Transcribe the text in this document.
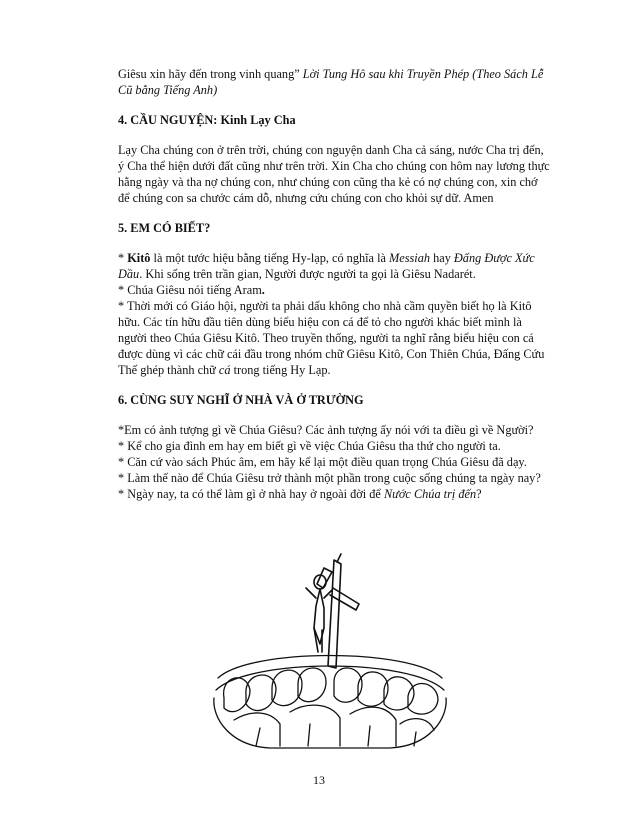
Giêsu xin hãy đến trong vinh quang” Lời Tung Hô sau khi Truyền Phép (Theo Sách Lễ Cũ bằng Tiếng Anh)

4. CẦU NGUYỆN: Kinh Lạy Cha

Lạy Cha chúng con ở trên trời, chúng con nguyện danh Cha cả sáng, nước Cha trị đến, ý Cha thể hiện dưới đất cũng như trên trời. Xin Cha cho chúng con hôm nay lương thực hằng ngày và tha nợ chúng con, như chúng con cũng tha kẻ có nợ chúng con, xin chớ để chúng con sa chước cám dỗ, nhưng cứu chúng con cho khỏi sự dữ. Amen

5. EM CÓ BIẾT?

* Kitô là một tước hiệu bằng tiếng Hy-lạp, có nghĩa là Messiah hay Đấng Được Xức Dầu. Khi sống trên trần gian, Người được người ta gọi là Giêsu Nadarét.

* Chúa Giêsu nói tiếng Aram.

* Thời mới có Giáo hội, người ta phải dấu không cho nhà cầm quyền biết họ là Kitô hữu. Các tín hữu đầu tiên dùng biểu hiệu con cá để tỏ cho người khác biết mình là người theo Chúa Giêsu Kitô. Theo truyền thống, người ta nghĩ rằng biểu hiệu con cá được dùng vì các chữ cái đầu trong nhóm chữ Giêsu Kitô, Con Thiên Chúa, Đấng Cứu Thế ghép thành chữ cá trong tiếng Hy Lạp.

6. CÙNG SUY NGHĨ Ở NHÀ VÀ Ở TRƯỜNG

*Em có ảnh tượng gì về Chúa Giêsu? Các ảnh tượng ấy nói với ta điều gì về Người?

* Kể cho gia đình em hay em biết gì về việc Chúa Giêsu tha thứ cho người ta.

* Căn cứ vào sách Phúc âm, em hãy kể lại một điều quan trọng Chúa Giêsu đã dạy.

* Làm thế nào để Chúa Giêsu trở thành một phần trong cuộc sống chúng ta ngày nay?

* Ngày nay, ta có thể làm gì ở nhà hay ở ngoài đời để Nước Chúa trị đến?

13
